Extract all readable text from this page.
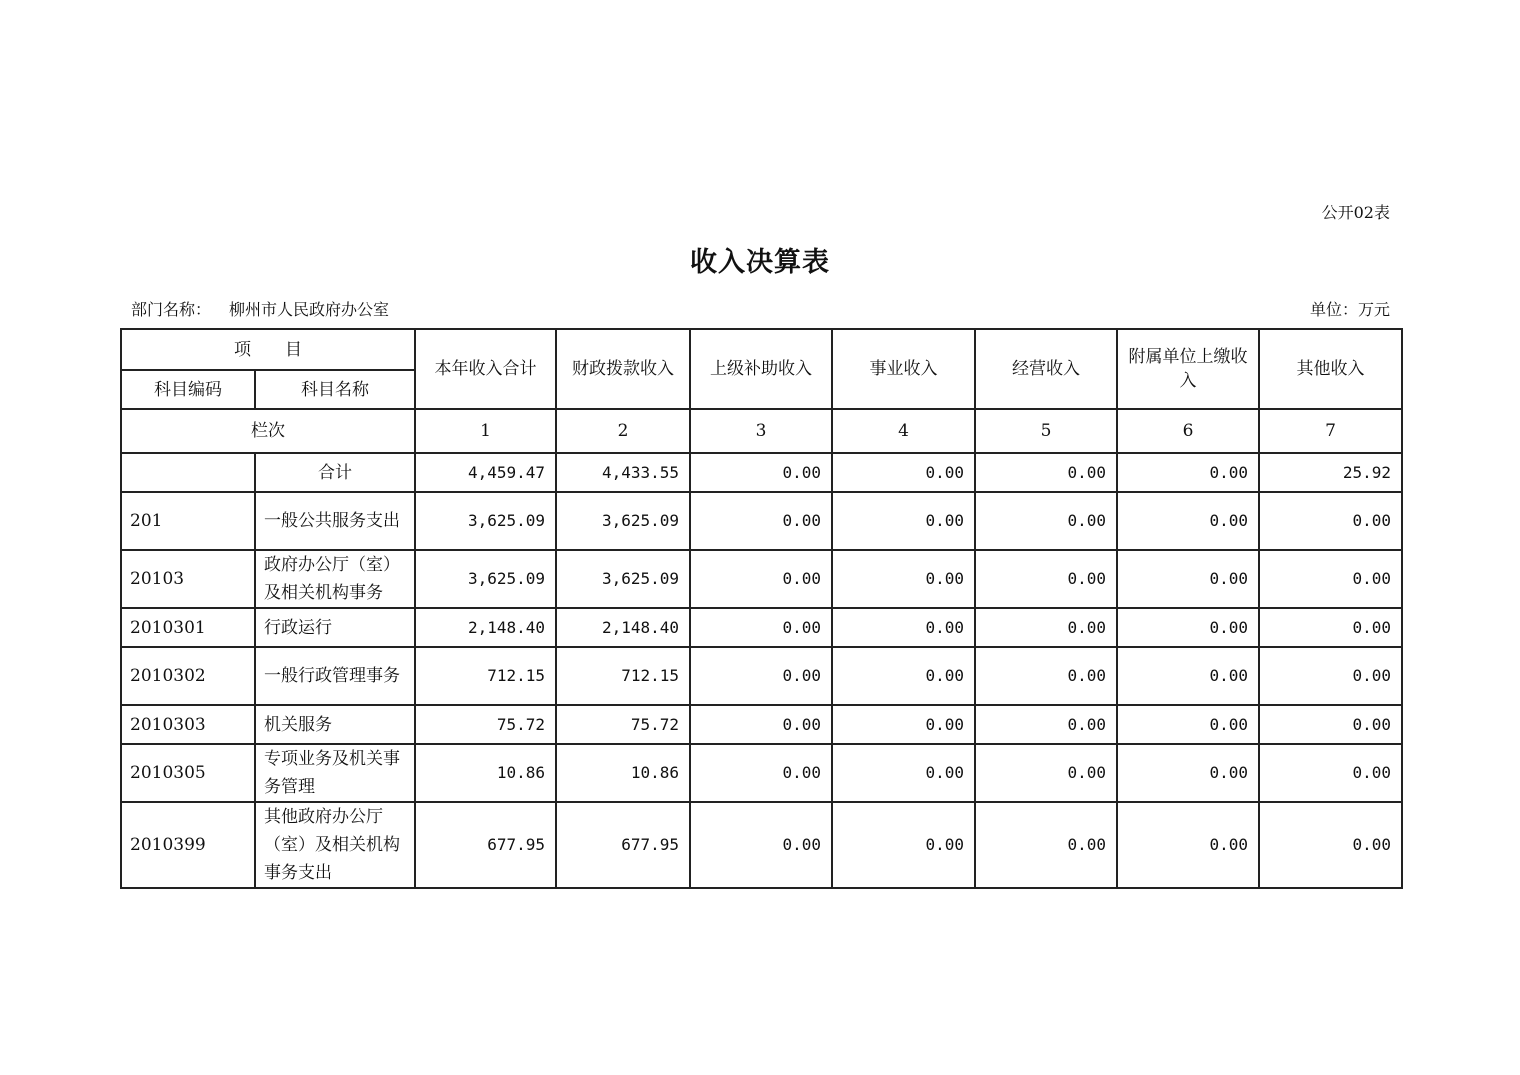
公开02表
收入决算表
部门名称： 柳州市人民政府办公室	单位：万元
项　　目		本年收入合计	财政拨款收入	上级补助收入	事业收入	经营收入	附属单位上缴收入	其他收入
科目编码	科目名称							
栏次		1	2	3	4	5	6	7
	合计	4,459.47	4,433.55	0.00	0.00	0.00	0.00	25.92
201	一般公共服务支出	3,625.09	3,625.09	0.00	0.00	0.00	0.00	0.00
20103	政府办公厅（室）及相关机构事务	3,625.09	3,625.09	0.00	0.00	0.00	0.00	0.00
2010301	行政运行	2,148.40	2,148.40	0.00	0.00	0.00	0.00	0.00
2010302	一般行政管理事务	712.15	712.15	0.00	0.00	0.00	0.00	0.00
2010303	机关服务	75.72	75.72	0.00	0.00	0.00	0.00	0.00
2010305	专项业务及机关事务管理	10.86	10.86	0.00	0.00	0.00	0.00	0.00
2010399	其他政府办公厅（室）及相关机构事务支出	677.95	677.95	0.00	0.00	0.00	0.00	0.00
